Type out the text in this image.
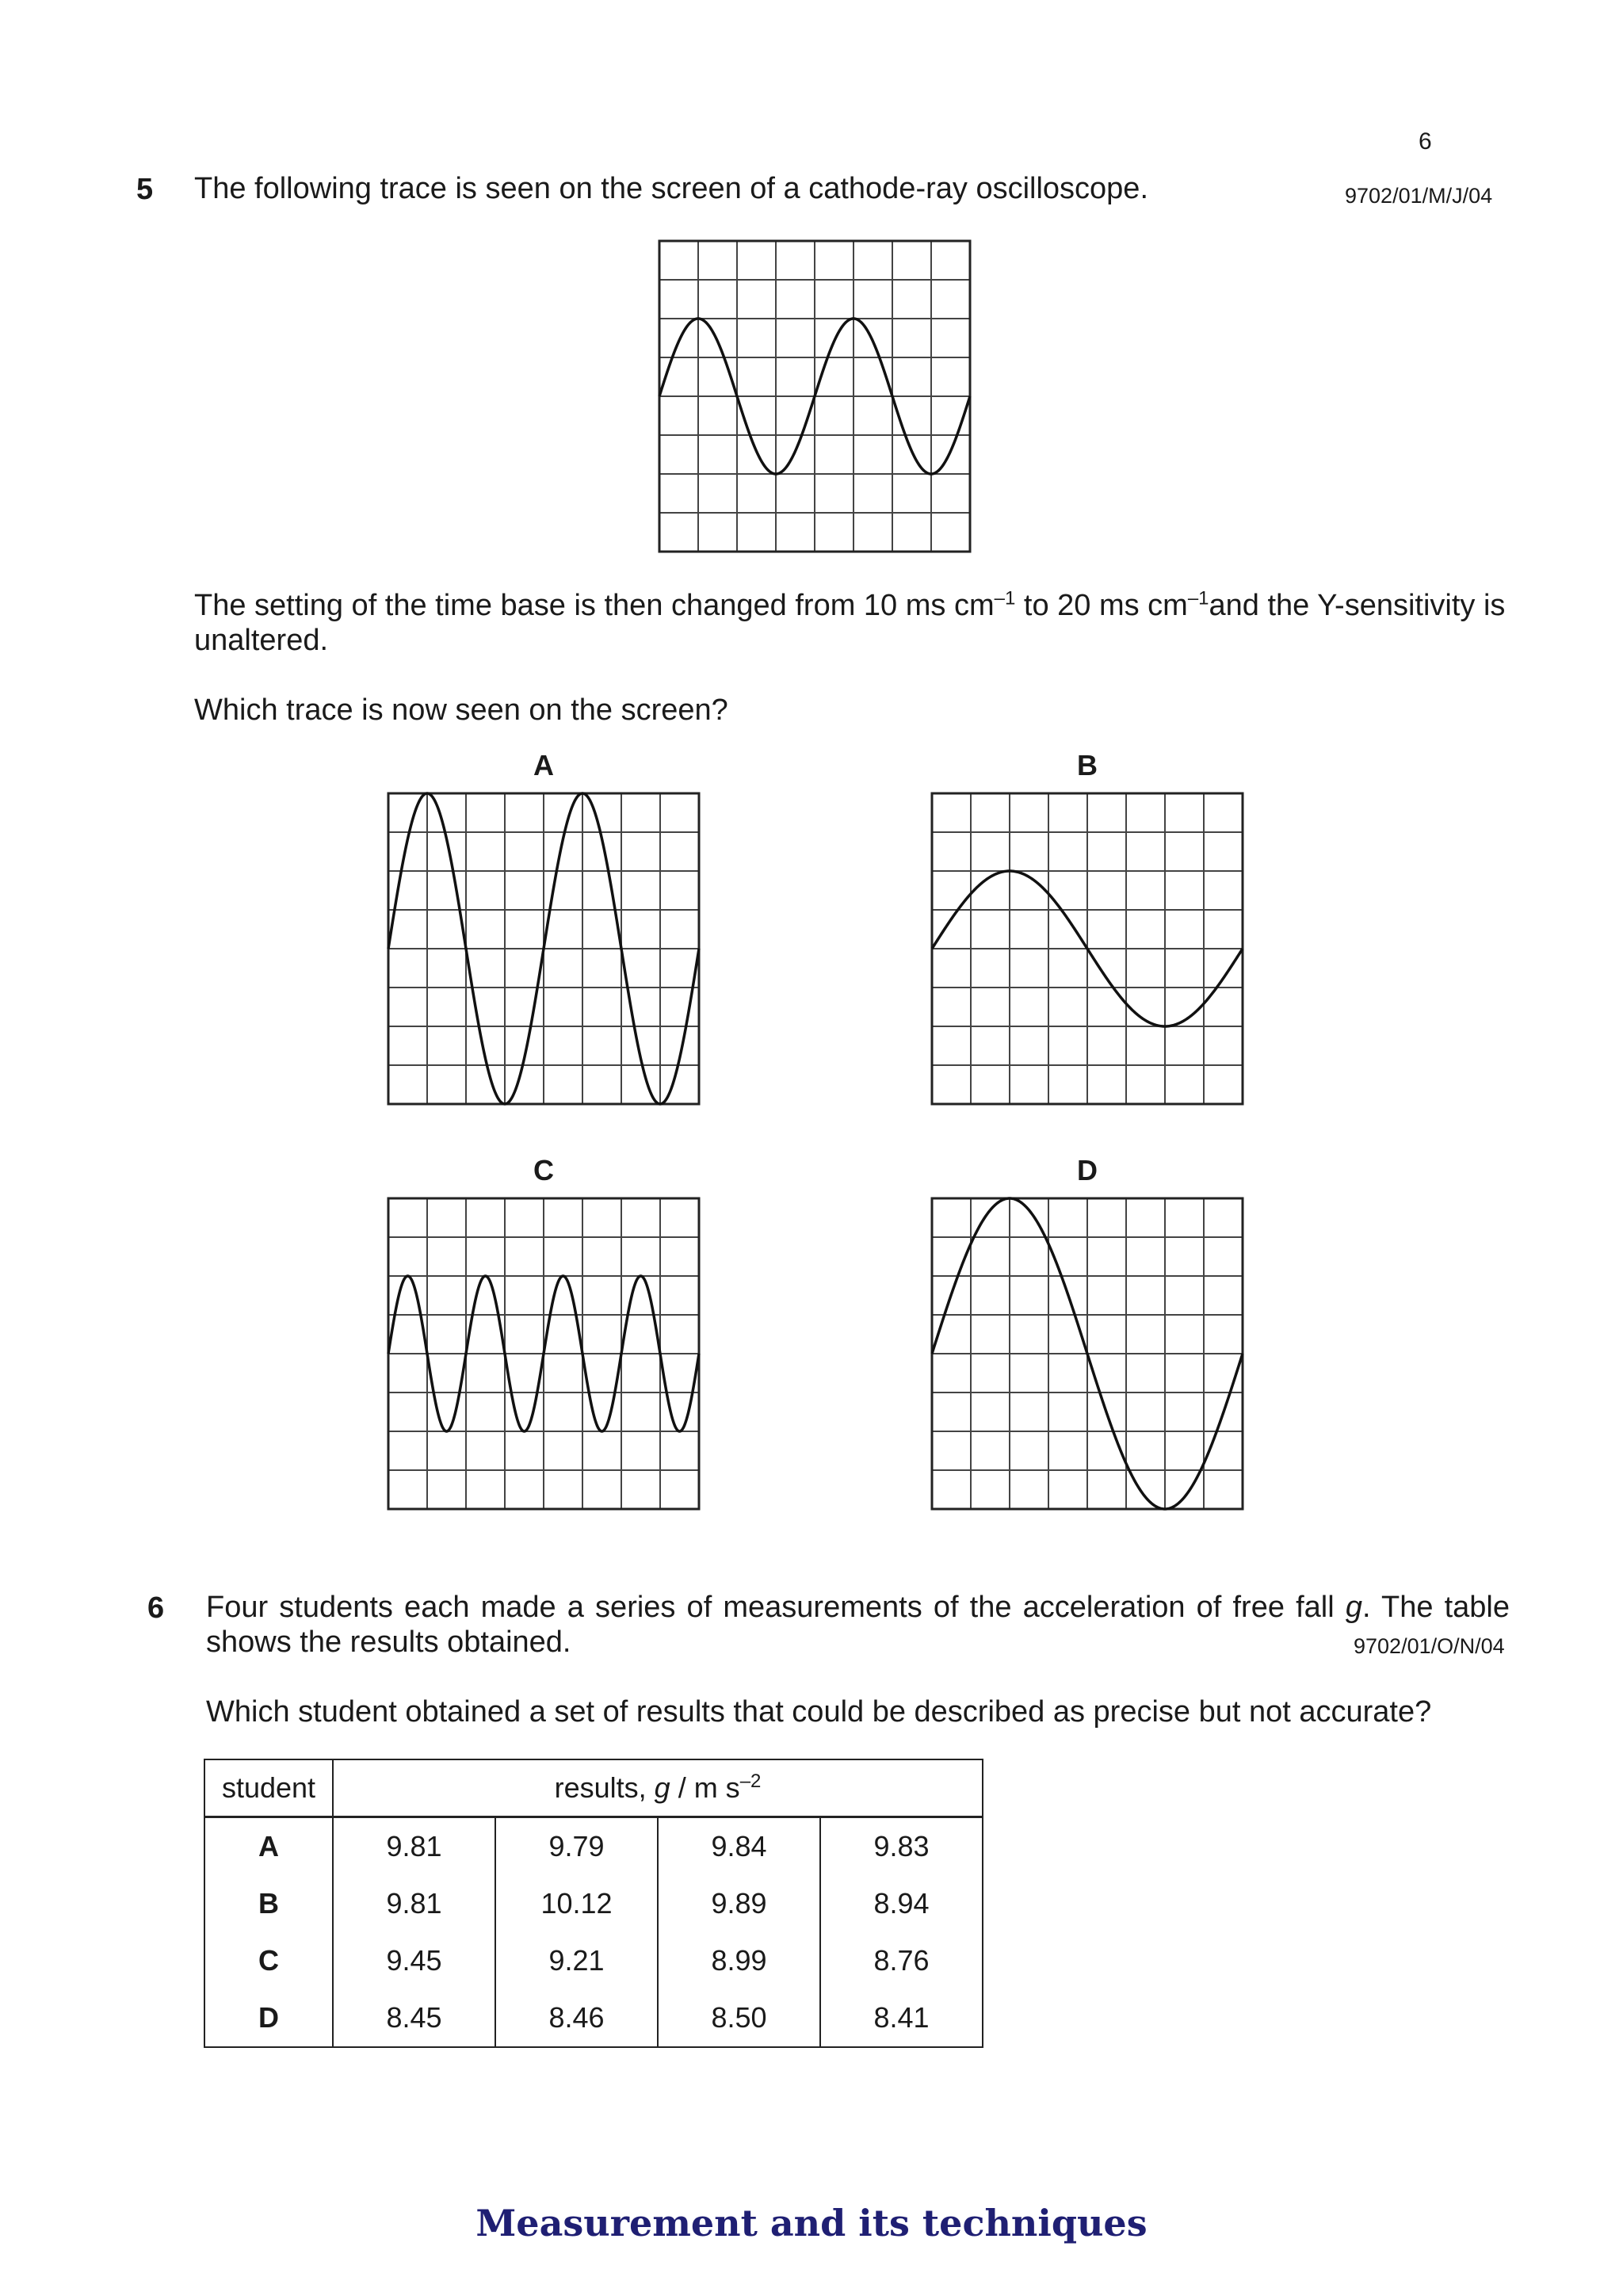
6
5 The following trace is seen on the screen of a cathode-ray oscilloscope.	9702/01/M/J/04
The setting of the time base is then changed from 10 ms $cm^{-1}$ to 20 ms $cm^{-1}and$ the Y-sensitivity is unaltered.
Which trace is now seen on the screen?
A	B
C	D
6 Four students each made a series of measurements of the acceleration of free fall g. The table shows the results obtained.	9702/01/O/N/04
Which student obtained a set of results that could be described as precise but not accurate?
student	results, g / m $s^{-2}$
A	9.81	9.79	9.84	9.83
B	9.81	10.12	9.89	8.94
C	9.45	9.21	8.99	8.76
D	8.45	8.46	8.50	8.41
Measurement and its techniques
